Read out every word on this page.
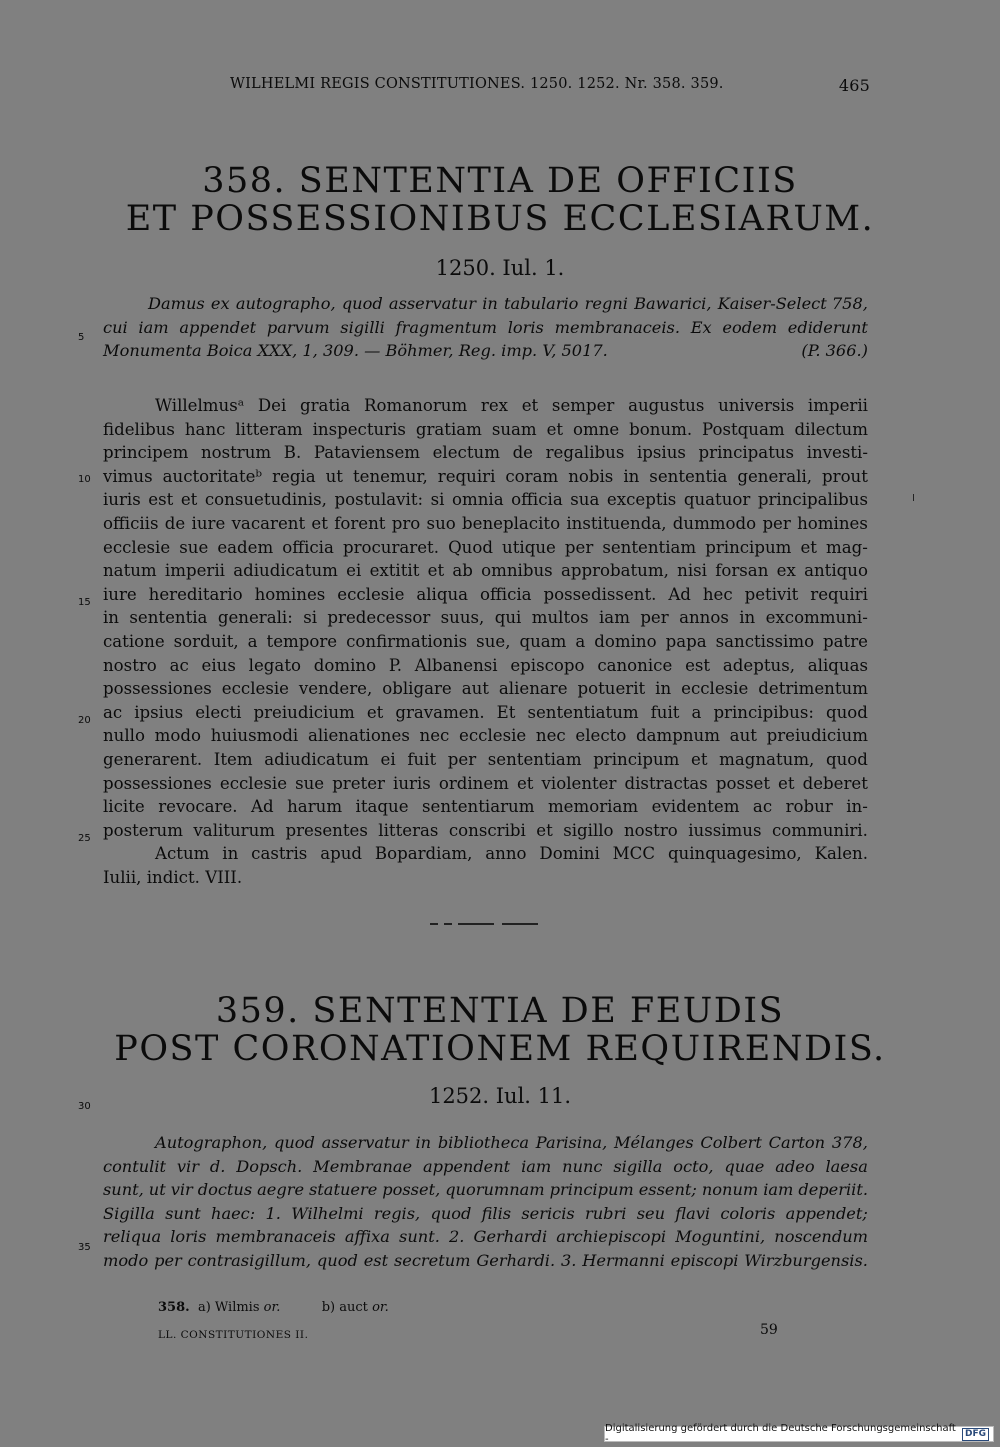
WILHELMI REGIS CONSTITUTIONES. 1250. 1252. Nr. 358. 359.	465
358. SENTENTIA DE OFFICIIS
ET POSSESSIONIBUS ECCLESIARUM.
1250. Iul. 1.
Damus ex autographo, quod asservatur in tabulario regni Bawarici, Kaiser-Select 758,
cui iam appendet parvum sigilli fragmentum loris membranaceis. Ex eodem ediderunt
Monumenta Boica XXX, 1, 309. — Böhmer, Reg. imp. V, 5017.	(P. 366.)
Willelmusᵃ Dei gratia Romanorum rex et semper augustus universis imperii
fidelibus hanc litteram inspecturis gratiam suam et omne bonum. Postquam dilectum
principem nostrum B. Pataviensem electum de regalibus ipsius principatus investi-
vimus auctoritateᵇ regia ut tenemur, requiri coram nobis in sententia generali, prout
iuris est et consuetudinis, postulavit: si omnia officia sua exceptis quatuor principalibus
officiis de iure vacarent et forent pro suo beneplacito instituenda, dummodo per homines
ecclesie sue eadem officia procuraret. Quod utique per sententiam principum et mag-
natum imperii adiudicatum ei extitit et ab omnibus approbatum, nisi forsan ex antiquo
iure hereditario homines ecclesie aliqua officia possedissent. Ad hec petivit requiri
in sententia generali: si predecessor suus, qui multos iam per annos in excommuni-
catione sorduit, a tempore confirmationis sue, quam a domino papa sanctissimo patre
nostro ac eius legato domino P. Albanensi episcopo canonice est adeptus, aliquas
possessiones ecclesie vendere, obligare aut alienare potuerit in ecclesie detrimentum
ac ipsius electi preiudicium et gravamen. Et sententiatum fuit a principibus: quod
nullo modo huiusmodi alienationes nec ecclesie nec electo dampnum aut preiudicium
generarent. Item adiudicatum ei fuit per sententiam principum et magnatum, quod
possessiones ecclesie sue preter iuris ordinem et violenter distractas posset et deberet
licite revocare. Ad harum itaque sententiarum memoriam evidentem ac robur in-
posterum valiturum presentes litteras conscribi et sigillo nostro iussimus communiri.
Actum in castris apud Bopardiam, anno Domini MCC quinquagesimo, Kalen.
Iulii, indict. VIII.
5
10
15
20
25
30
35
359. SENTENTIA DE FEUDIS
POST CORONATIONEM REQUIRENDIS.
1252. Iul. 11.
Autographon, quod asservatur in bibliotheca Parisina, Mélanges Colbert Carton 378,
contulit vir d. Dopsch. Membranae appendent iam nunc sigilla octo, quae adeo laesa
sunt, ut vir doctus aegre statuere posset, quorumnam principum essent; nonum iam deperiit.
Sigilla sunt haec: 1. Wilhelmi regis, quod filis sericis rubri seu flavi coloris appendet;
reliqua loris membranaceis affixa sunt. 2. Gerhardi archiepiscopi Moguntini, noscendum
modo per contrasigillum, quod est secretum Gerhardi. 3. Hermanni episcopi Wirzburgensis.
358. a) Wilmis or.	b) auct or.
LL. CONSTITUTIONES II.	59
Digitalisierung gefördert durch die Deutsche Forschungsgemeinschaft -
DFG
